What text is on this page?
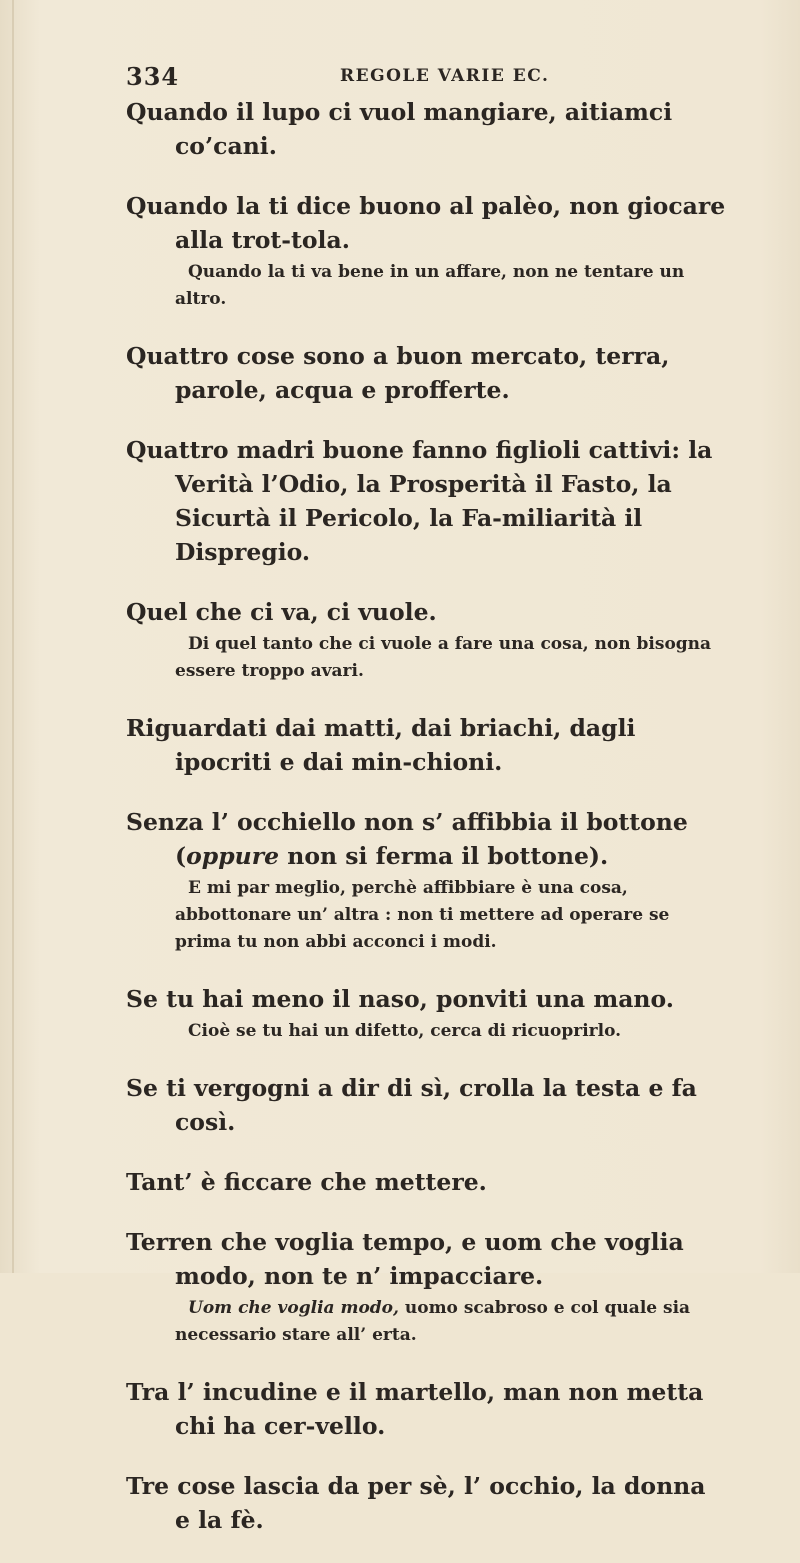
334	REGOLE VARIE EC.

Quando il lupo ci vuol mangiare, aitiamci co’cani.

Quando la ti dice buono al palèo, non giocare alla trot-tola.

Quando la ti va bene in un affare, non ne tentare un altro.

Quattro cose sono a buon mercato, terra, parole, acqua e profferte.

Quattro madri buone fanno figlioli cattivi: la Verità l’Odio, la Prosperità il Fasto, la Sicurtà il Pericolo, la Fa-miliarità il Dispregio.

Quel che ci va, ci vuole.

Di quel tanto che ci vuole a fare una cosa, non bisogna essere troppo avari.

Riguardati dai matti, dai briachi, dagli ipocriti e dai min-chioni.

Senza l’ occhiello non s’ affibbia il bottone (oppure non si ferma il bottone).

E mi par meglio, perchè affibbiare è una cosa, abbottonare un’ altra : non ti mettere ad operare se prima tu non abbi acconci i modi.

Se tu hai meno il naso, ponviti una mano.

Cioè se tu hai un difetto, cerca di ricuoprirlo.

Se ti vergogni a dir di sì, crolla la testa e fa così.

Tant’ è ficcare che mettere.

Terren che voglia tempo, e uom che voglia modo, non te n’ impacciare.

Uom che voglia modo, uomo scabroso e col quale sia necessario stare all’ erta.

Tra l’ incudine e il martello, man non metta chi ha cer-vello.

Tre cose lascia da per sè, l’ occhio, la donna e la fè.
